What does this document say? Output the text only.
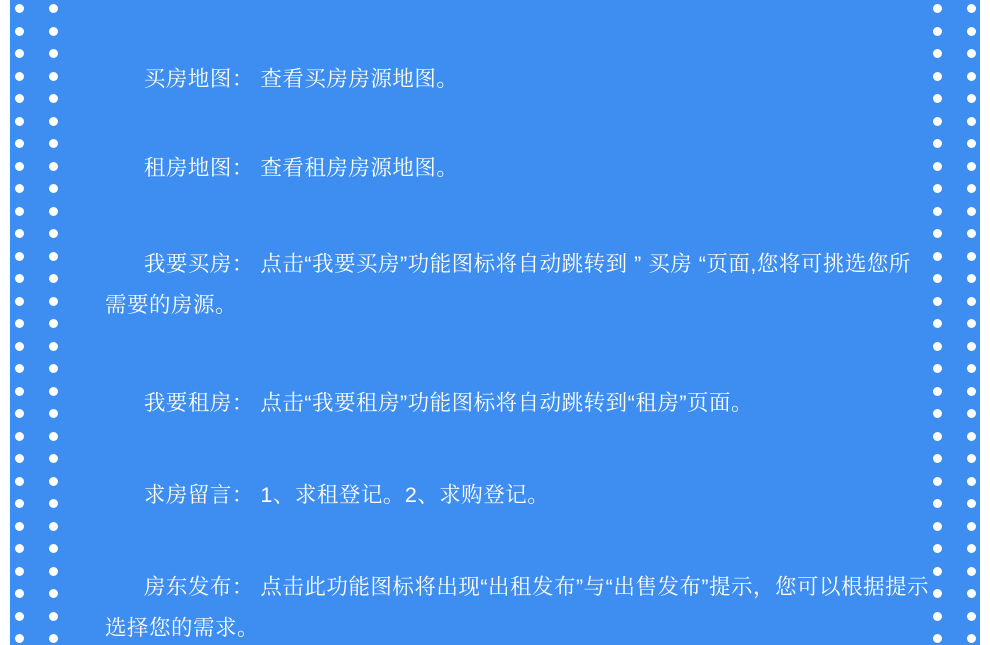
买房地图： 查看买房房源地图。

租房地图： 查看租房房源地图。

我要买房： 点击“我要买房”功能图标将自动跳转到 ” 买房 “页面,您将可挑选您所需要的房源。

我要租房： 点击“我要租房”功能图标将自动跳转到“租房”页面。

求房留言： 1、求租登记。2、求购登记。

房东发布： 点击此功能图标将出现“出租发布”与“出售发布”提示，您可以根据提示选择您的需求。
